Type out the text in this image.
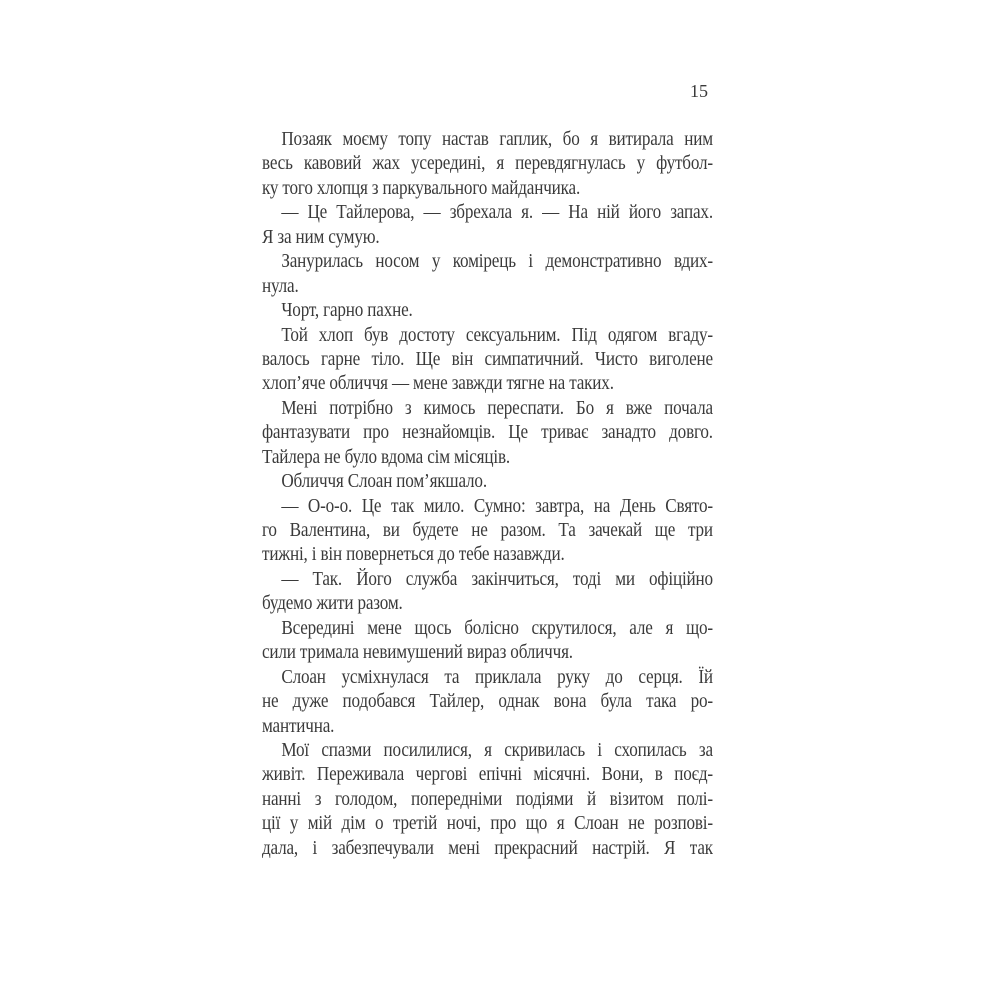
15
Позаяк моєму топу настав гаплик, бо я витирала ним
весь кавовий жах усередині, я перевдягнулась у футбол-
ку того хлопця з паркувального майданчика.
— Це Тайлерова, — збрехала я. — На ній його запах.
Я за ним сумую.
Занурилась носом у комірець і демонстративно вдих-
нула.
Чорт, гарно пахне.
Той хлоп був достоту сексуальним. Під одягом вгаду-
валось гарне тіло. Ще він симпатичний. Чисто виголене
хлоп’яче обличчя — мене завжди тягне на таких.
Мені потрібно з кимось переспати. Бо я вже почала
фантазувати про незнайомців. Це триває занадто довго.
Тайлера не було вдома сім місяців.
Обличчя Слоан пом’якшало.
— О-о-о. Це так мило. Сумно: завтра, на День Свято-
го Валентина, ви будете не разом. Та зачекай ще три
тижні, і він повернеться до тебе назавжди.
— Так. Його служба закінчиться, тоді ми офіційно
будемо жити разом.
Всередині мене щось болісно скрутилося, але я що-
сили тримала невимушений вираз обличчя.
Слоан усміхнулася та приклала руку до серця. Їй
не дуже подобався Тайлер, однак вона була така ро-
мантична.
Мої спазми посилилися, я скривилась і схопилась за
живіт. Переживала чергові епічні місячні. Вони, в поєд-
нанні з голодом, попередніми подіями й візитом полі-
ції у мій дім о третій ночі, про що я Слоан не розпові-
дала, і забезпечували мені прекрасний настрій. Я так
